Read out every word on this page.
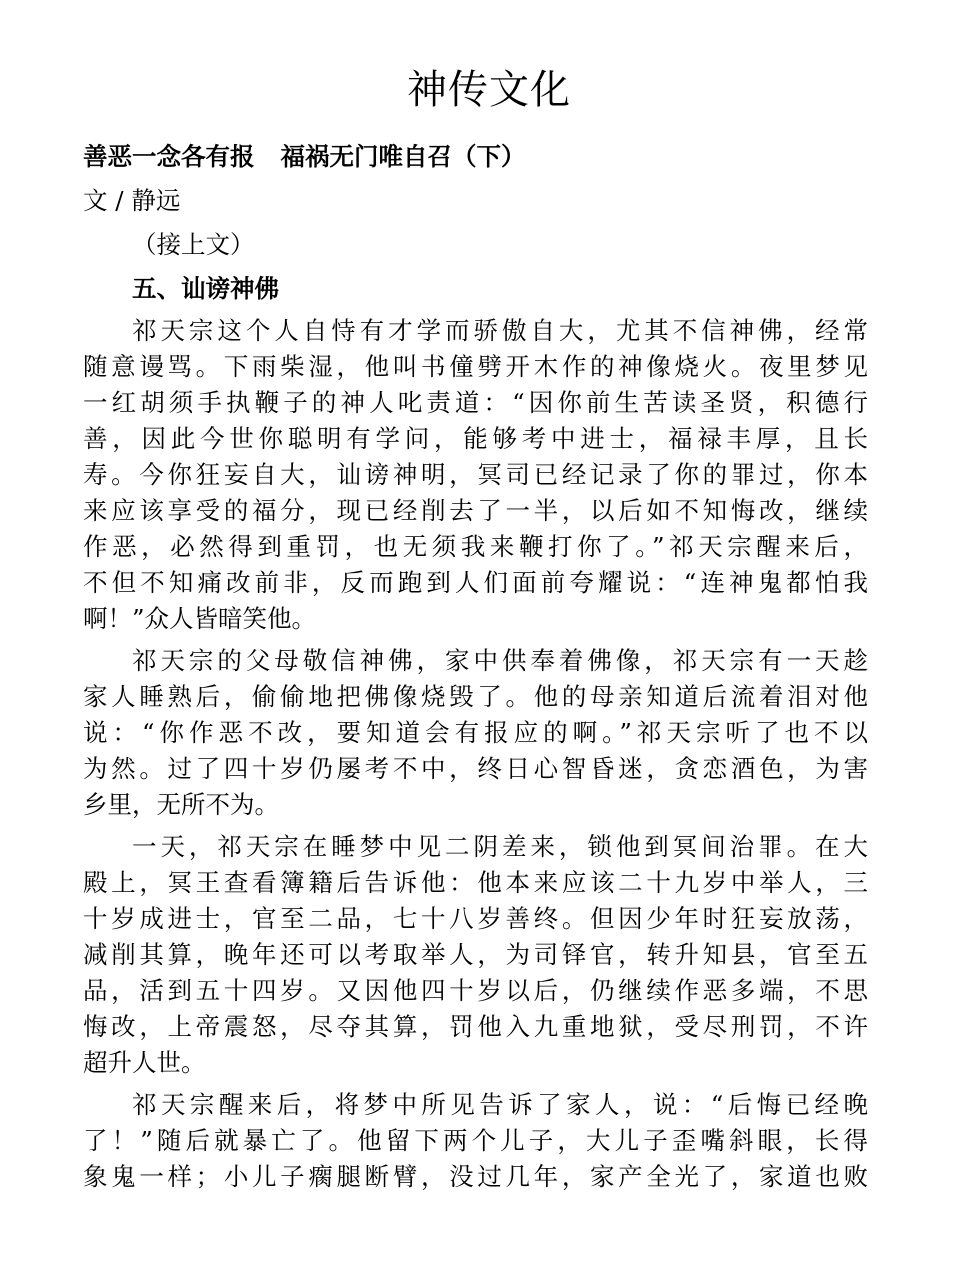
神传文化
善恶一念各有报 福祸无门唯自召（下）
文 / 静远
（接上文）
五、讪谤神佛
祁天宗这个人自恃有才学而骄傲自大，尤其不信神佛，经常
随意谩骂。下雨柴湿，他叫书僮劈开木作的神像烧火。夜里梦见
一红胡须手执鞭子的神人叱责道：“因你前生苦读圣贤，积德行
善，因此今世你聪明有学问，能够考中进士，福禄丰厚，且长
寿。今你狂妄自大，讪谤神明，冥司已经记录了你的罪过，你本
来应该享受的福分，现已经削去了一半，以后如不知悔改，继续
作恶，必然得到重罚，也无须我来鞭打你了。”祁天宗醒来后，
不但不知痛改前非，反而跑到人们面前夸耀说：“连神鬼都怕我
啊！”众人皆暗笑他。
祁天宗的父母敬信神佛，家中供奉着佛像，祁天宗有一天趁
家人睡熟后，偷偷地把佛像烧毁了。他的母亲知道后流着泪对他
说：“你作恶不改，要知道会有报应的啊。”祁天宗听了也不以
为然。过了四十岁仍屡考不中，终日心智昏迷，贪恋酒色，为害
乡里，无所不为。
一天，祁天宗在睡梦中见二阴差来，锁他到冥间治罪。在大
殿上，冥王查看簿籍后告诉他：他本来应该二十九岁中举人，三
十岁成进士，官至二品，七十八岁善终。但因少年时狂妄放荡，
减削其算，晚年还可以考取举人，为司铎官，转升知县，官至五
品，活到五十四岁。又因他四十岁以后，仍继续作恶多端，不思
悔改，上帝震怒，尽夺其算，罚他入九重地狱，受尽刑罚，不许
超升人世。
祁天宗醒来后，将梦中所见告诉了家人，说：“后悔已经晚
了！”随后就暴亡了。他留下两个儿子，大儿子歪嘴斜眼，长得
象鬼一样；小儿子瘸腿断臂，没过几年，家产全光了，家道也败
